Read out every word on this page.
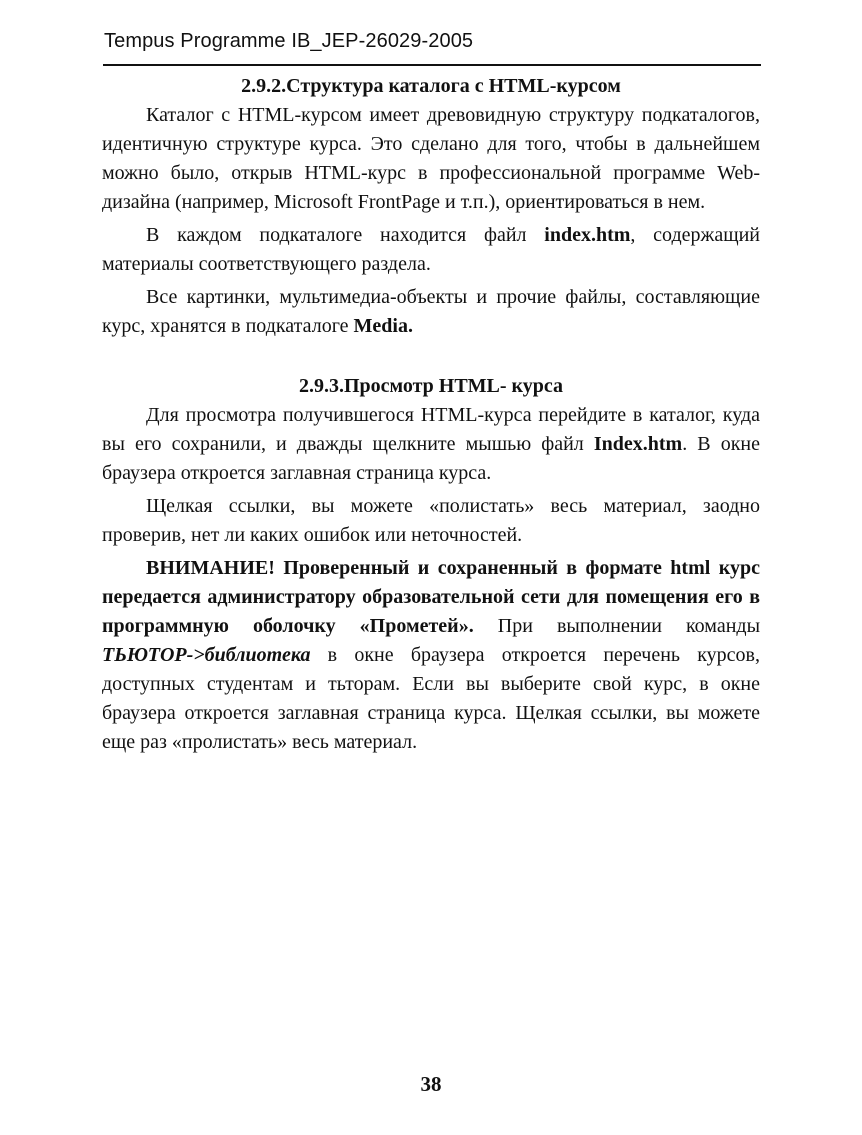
Tempus Programme IB_JEP-26029-2005
2.9.2.Структура каталога с HTML-курсом

Каталог с HTML-курсом имеет древовидную структуру подкаталогов, идентичную структуре курса. Это сделано для того, чтобы в дальнейшем можно было, открыв HTML-курс в профессиональной программе Web-дизайна (например, Microsoft FrontPage и т.п.), ориентироваться в нем.

В каждом подкаталоге находится файл index.htm, содержащий материалы соответствующего раздела.

Все картинки, мультимедиа-объекты и прочие файлы, составляющие курс, хранятся в подкаталоге Media.

2.9.3.Просмотр HTML- курса

Для просмотра получившегося HTML-курса перейдите в каталог, куда вы его сохранили, и дважды щелкните мышью файл Index.htm. В окне браузера откроется заглавная страница курса.

Щелкая ссылки, вы можете «полистать» весь материал, заодно проверив, нет ли каких ошибок или неточностей.

ВНИМАНИЕ! Проверенный и сохраненный в формате html курс передается администратору образовательной сети для помещения его в программную оболочку «Прометей». При выполнении команды ТЬЮТОР->библиотека в окне браузера откроется перечень курсов, доступных студентам и тьторам. Если вы выберите свой курс, в окне браузера откроется заглавная страница курса. Щелкая ссылки, вы можете еще раз «пролистать» весь материал.

38
